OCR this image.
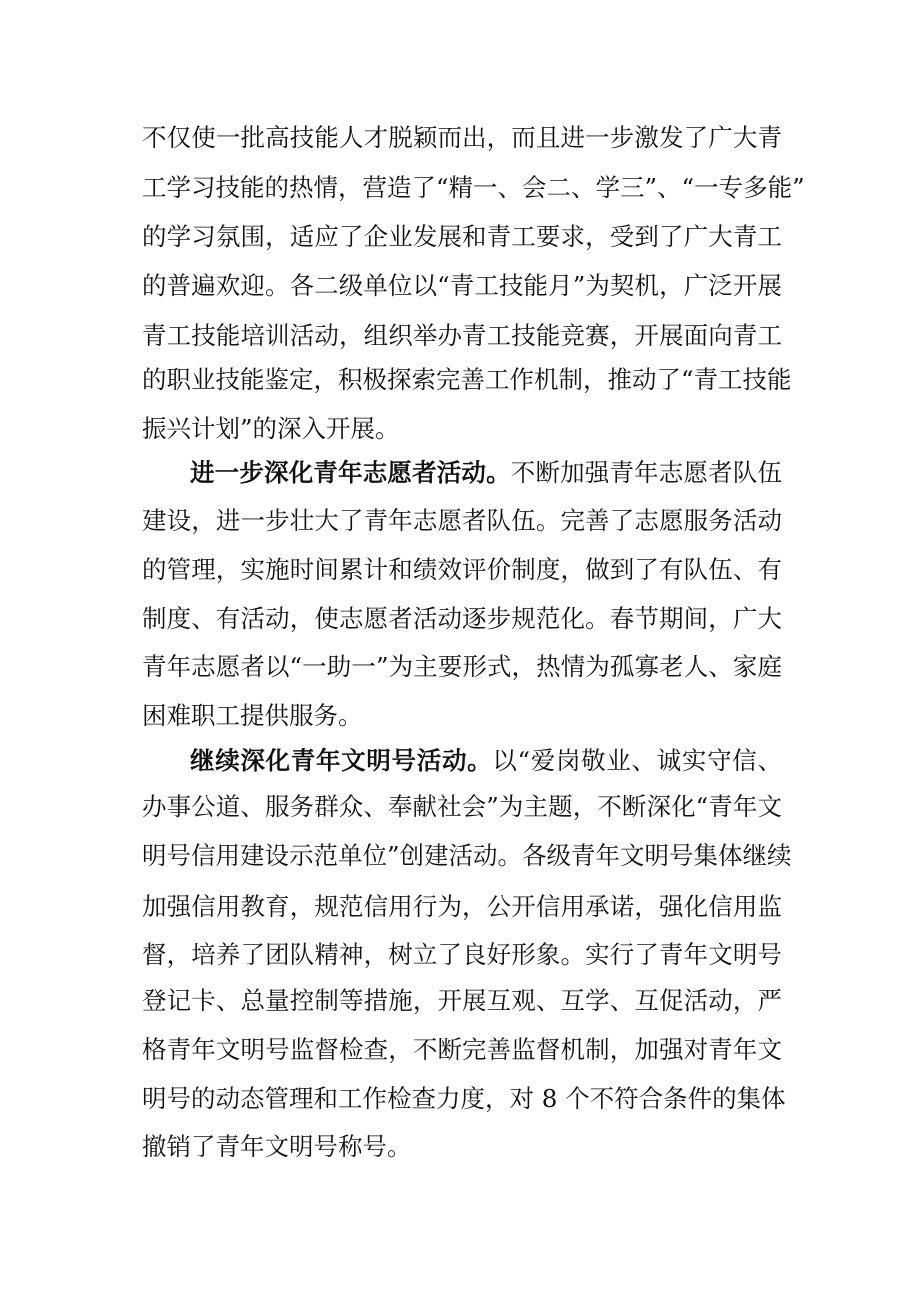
不仅使一批高技能人才脱颖而出，而且进一步激发了广大青
工学习技能的热情，营造了“精一、会二、学三”、“一专多能”
的学习氛围，适应了企业发展和青工要求，受到了广大青工
的普遍欢迎。各二级单位以“青工技能月”为契机，广泛开展
青工技能培训活动，组织举办青工技能竞赛，开展面向青工
的职业技能鉴定，积极探索完善工作机制，推动了“青工技能
振兴计划”的深入开展。
进一步深化青年志愿者活动。不断加强青年志愿者队伍
建设，进一步壮大了青年志愿者队伍。完善了志愿服务活动
的管理，实施时间累计和绩效评价制度，做到了有队伍、有
制度、有活动，使志愿者活动逐步规范化。春节期间，广大
青年志愿者以“一助一”为主要形式，热情为孤寡老人、家庭
困难职工提供服务。
继续深化青年文明号活动。以“爱岗敬业、诚实守信、
办事公道、服务群众、奉献社会”为主题，不断深化“青年文
明号信用建设示范单位”创建活动。各级青年文明号集体继续
加强信用教育，规范信用行为，公开信用承诺，强化信用监
督，培养了团队精神，树立了良好形象。实行了青年文明号
登记卡、总量控制等措施，开展互观、互学、互促活动，严
格青年文明号监督检查，不断完善监督机制，加强对青年文
明号的动态管理和工作检查力度，对 8 个不符合条件的集体
撤销了青年文明号称号。
